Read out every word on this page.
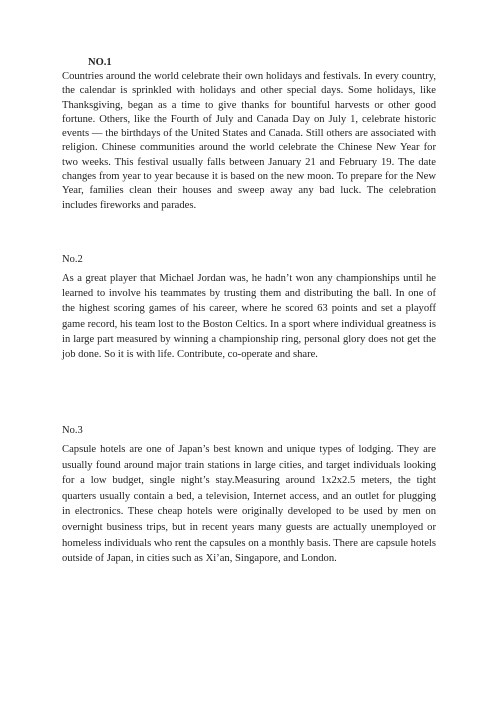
NO.1

Countries around the world celebrate their own holidays and festivals. In every country, the calendar is sprinkled with holidays and other special days. Some holidays, like Thanksgiving, began as a time to give thanks for bountiful harvests or other good fortune. Others, like the Fourth of July and Canada Day on July 1, celebrate historic events — the birthdays of the United States and Canada. Still others are associated with religion. Chinese communities around the world celebrate the Chinese New Year for two weeks. This festival usually falls between January 21 and February 19. The date changes from year to year because it is based on the new moon. To prepare for the New Year, families clean their houses and sweep away any bad luck. The celebration includes fireworks and parades.

No.2

As a great player that Michael Jordan was, he hadn’t won any championships until he learned to involve his teammates by trusting them and distributing the ball. In one of the highest scoring games of his career, where he scored 63 points and set a playoff game record, his team lost to the Boston Celtics. In a sport where individual greatness is in large part measured by winning a championship ring, personal glory does not get the job done. So it is with life. Contribute, co-operate and share.

No.3

Capsule hotels are one of Japan’s best known and unique types of lodging. They are usually found around major train stations in large cities, and target individuals looking for a low budget, single night’s stay.Measuring around 1x2x2.5 meters, the tight quarters usually contain a bed, a television, Internet access, and an outlet for plugging in electronics. These cheap hotels were originally developed to be used by men on overnight business trips, but in recent years many guests are actually unemployed or homeless individuals who rent the capsules on a monthly basis. There are capsule hotels outside of Japan, in cities such as Xi’an, Singapore, and London.
